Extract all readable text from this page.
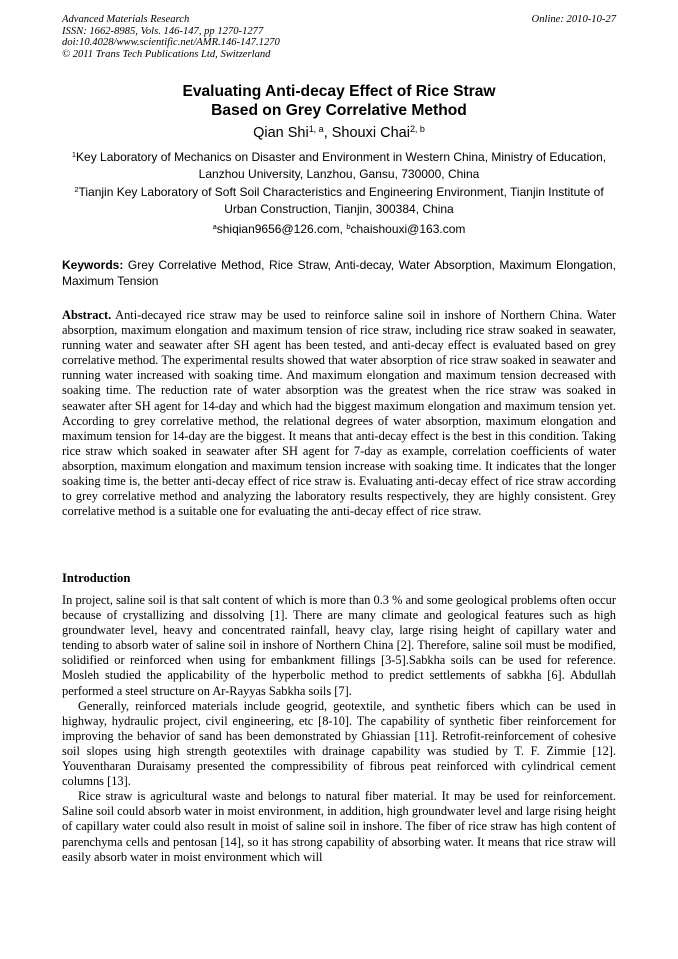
Advanced Materials Research
ISSN: 1662-8985, Vols. 146-147, pp 1270-1277
doi:10.4028/www.scientific.net/AMR.146-147.1270
© 2011 Trans Tech Publications Ltd, Switzerland
Online: 2010-10-27
Evaluating Anti-decay Effect of Rice Straw
Based on Grey Correlative Method
Qian Shi$^{1, a}$, Shouxi Chai$^{2, b}$
$^1$Key Laboratory of Mechanics on Disaster and Environment in Western China, Ministry of Education, Lanzhou University, Lanzhou, Gansu, 730000, China
$^2$Tianjin Key Laboratory of Soft Soil Characteristics and Engineering Environment, Tianjin Institute of Urban Construction, Tianjin, 300384, China
$^a$shiqian9656@126.com, $^b$chaishouxi@163.com
Keywords: Grey Correlative Method, Rice Straw, Anti-decay, Water Absorption, Maximum Elongation, Maximum Tension
Abstract. Anti-decayed rice straw may be used to reinforce saline soil in inshore of Northern China. Water absorption, maximum elongation and maximum tension of rice straw, including rice straw soaked in seawater, running water and seawater after SH agent has been tested, and anti-decay effect is evaluated based on grey correlative method. The experimental results showed that water absorption of rice straw soaked in seawater and running water increased with soaking time. And maximum elongation and maximum tension decreased with soaking time. The reduction rate of water absorption was the greatest when the rice straw was soaked in seawater after SH agent for 14-day and which had the biggest maximum elongation and maximum tension yet. According to grey correlative method, the relational degrees of water absorption, maximum elongation and maximum tension for 14-day are the biggest. It means that anti-decay effect is the best in this condition. Taking rice straw which soaked in seawater after SH agent for 7-day as example, correlation coefficients of water absorption, maximum elongation and maximum tension increase with soaking time. It indicates that the longer soaking time is, the better anti-decay effect of rice straw is. Evaluating anti-decay effect of rice straw according to grey correlative method and analyzing the laboratory results respectively, they are highly consistent. Grey correlative method is a suitable one for evaluating the anti-decay effect of rice straw.
Introduction

In project, saline soil is that salt content of which is more than 0.3 % and some geological problems often occur because of crystallizing and dissolving [1]. There are many climate and geological features such as high groundwater level, heavy and concentrated rainfall, heavy clay, large rising height of capillary water and tending to absorb water of saline soil in inshore of Northern China [2]. Therefore, saline soil must be modified, solidified or reinforced when using for embankment fillings [3-5].Sabkha soils can be used for reference. Mosleh studied the applicability of the hyperbolic method to predict settlements of sabkha [6]. Abdullah performed a steel structure on Ar-Rayyas Sabkha soils [7].

Generally, reinforced materials include geogrid, geotextile, and synthetic fibers which can be used in highway, hydraulic project, civil engineering, etc [8-10]. The capability of synthetic fiber reinforcement for improving the behavior of sand has been demonstrated by Ghiassian [11]. Retrofit-reinforcement of cohesive soil slopes using high strength geotextiles with drainage capability was studied by T. F. Zimmie [12]. Youventharan Duraisamy presented the compressibility of fibrous peat reinforced with cylindrical cement columns [13].

Rice straw is agricultural waste and belongs to natural fiber material. It may be used for reinforcement. Saline soil could absorb water in moist environment, in addition, high groundwater level and large rising height of capillary water could also result in moist of saline soil in inshore. The fiber of rice straw has high content of parenchyma cells and pentosan [14], so it has strong capability of absorbing water. It means that rice straw will easily absorb water in moist environment which will
